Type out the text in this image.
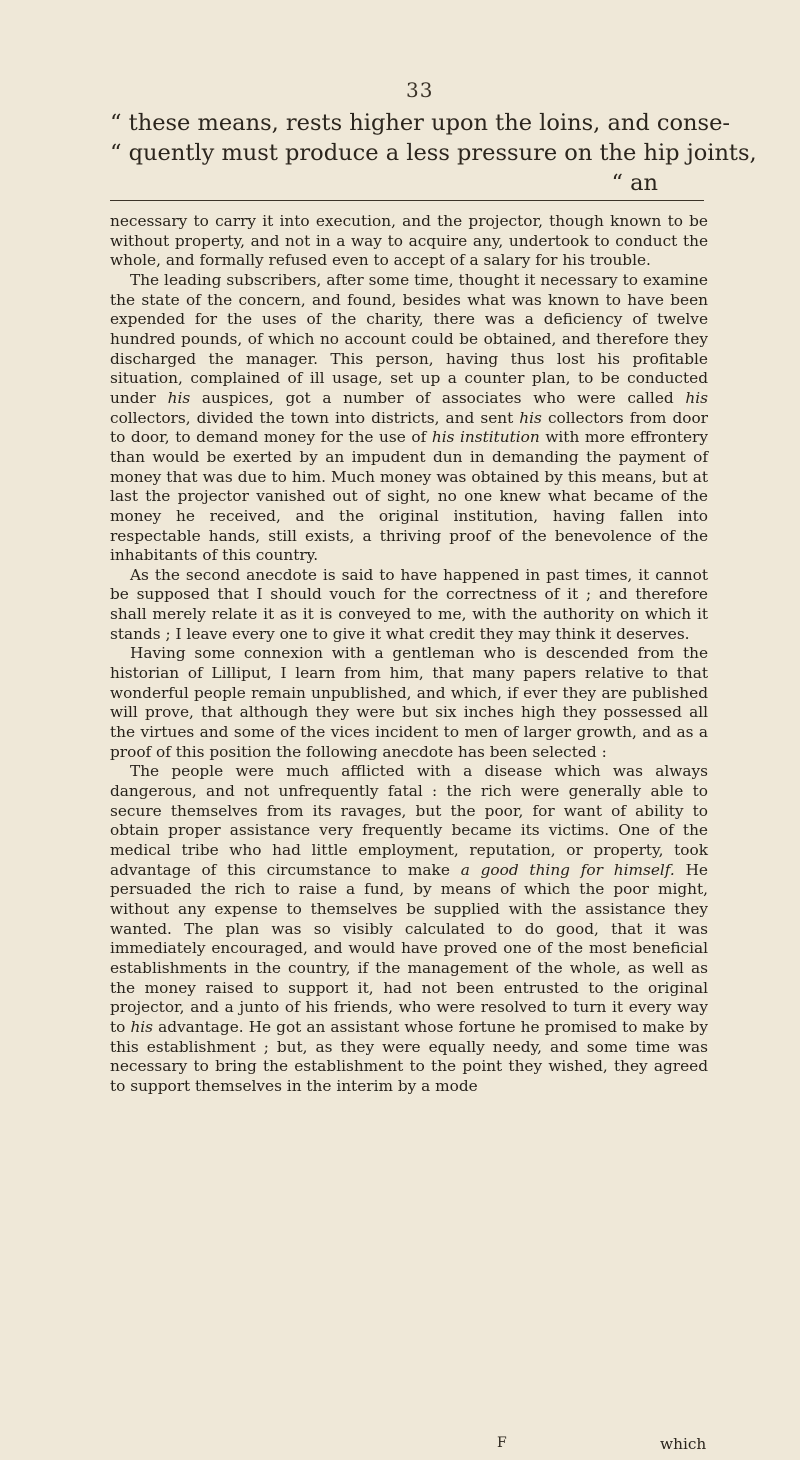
33
“ these means, rests higher upon the loins, and conse-
“ quently must produce a less pressure on the hip joints,
“ an

necessary to carry it into execution, and the projector, though known to be without property, and not in a way to acquire any, undertook to conduct the whole, and formally refused even to accept of a salary for his trouble.

The leading subscribers, after some time, thought it necessary to examine the state of the concern, and found, besides what was known to have been expended for the uses of the charity, there was a deficiency of twelve hundred pounds, of which no account could be obtained, and therefore they discharged the manager. This person, having thus lost his profitable situation, complained of ill usage, set up a counter plan, to be conducted under his auspices, got a number of associates who were called his collectors, divided the town into districts, and sent his collectors from door to door, to demand money for the use of his institution with more effrontery than would be exerted by an impudent dun in demanding the payment of money that was due to him. Much money was obtained by this means, but at last the projector vanished out of sight, no one knew what became of the money he received, and the original institution, having fallen into respectable hands, still exists, a thriving proof of the benevolence of the inhabitants of this country.

As the second anecdote is said to have happened in past times, it cannot be supposed that I should vouch for the correctness of it ; and therefore shall merely relate it as it is conveyed to me, with the authority on which it stands ; I leave every one to give it what credit they may think it deserves.

Having some connexion with a gentleman who is descended from the historian of Lilliput, I learn from him, that many papers relative to that wonderful people remain unpublished, and which, if ever they are published will prove, that although they were but six inches high they possessed all the virtues and some of the vices incident to men of larger growth, and as a proof of this position the following anecdote has been selected :

The people were much afflicted with a disease which was always dangerous, and not unfrequently fatal : the rich were generally able to secure themselves from its ravages, but the poor, for want of ability to obtain proper assistance very frequently became its victims. One of the medical tribe who had little employment, reputation, or property, took advantage of this circumstance to make a good thing for himself. He persuaded the rich to raise a fund, by means of which the poor might, without any expense to themselves be supplied with the assistance they wanted. The plan was so visibly calculated to do good, that it was immediately encouraged, and would have proved one of the most beneficial establishments in the country, if the management of the whole, as well as the money raised to support it, had not been entrusted to the original projector, and a junto of his friends, who were resolved to turn it every way to his advantage. He got an assistant whose fortune he promised to make by this establishment ; but, as they were equally needy, and some time was necessary to bring the establishment to the point they wished, they agreed to support themselves in the interim by a mode

F	which
